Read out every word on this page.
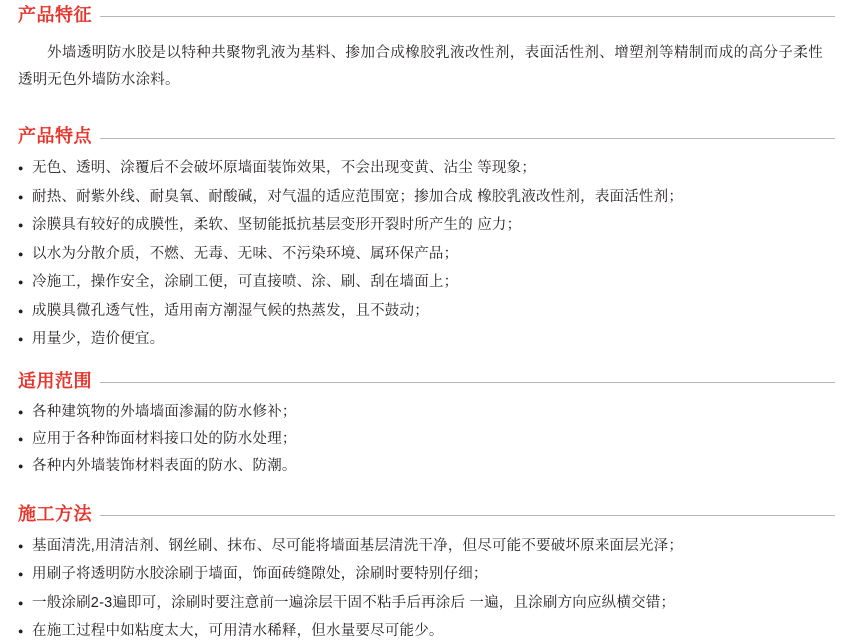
产品特征

外墙透明防水胶是以特种共聚物乳液为基料、掺加合成橡胶乳液改性剂，表面活性剂、增塑剂等精制而成的高分子柔性透明无色外墙防水涂料。

产品特点
● 无色、透明、涂覆后不会破坏原墙面装饰效果，不会出现变黄、沾尘 等现象；
● 耐热、耐紫外线、耐臭氧、耐酸碱，对气温的适应范围宽；掺加合成 橡胶乳液改性剂，表面活性剂；
● 涂膜具有较好的成膜性，柔软、坚韧能抵抗基层变形开裂时所产生的 应力；
● 以水为分散介质，不燃、无毒、无味、不污染环境、属环保产品；
● 冷施工，操作安全，涂刷工便，可直接喷、涂、刷、刮在墙面上；
● 成膜具微孔透气性，适用南方潮湿气候的热蒸发，且不鼓动；
● 用量少，造价便宜。
适用范围
● 各种建筑物的外墙墙面渗漏的防水修补；
● 应用于各种饰面材料接口处的防水处理；
● 各种内外墙装饰材料表面的防水、防潮。
施工方法
● 基面清洗,用清洁剂、钢丝刷、抹布、尽可能将墙面基层清洗干净，但尽可能不要破坏原来面层光泽；
● 用刷子将透明防水胶涂刷于墙面，饰面砖缝隙处，涂刷时要特别仔细；
● 一般涂刷2-3遍即可，涂刷时要注意前一遍涂层干固不粘手后再涂后 一遍，且涂刷方向应纵横交错；
● 在施工过程中如粘度太大，可用清水稀释，但水量要尽可能少。
